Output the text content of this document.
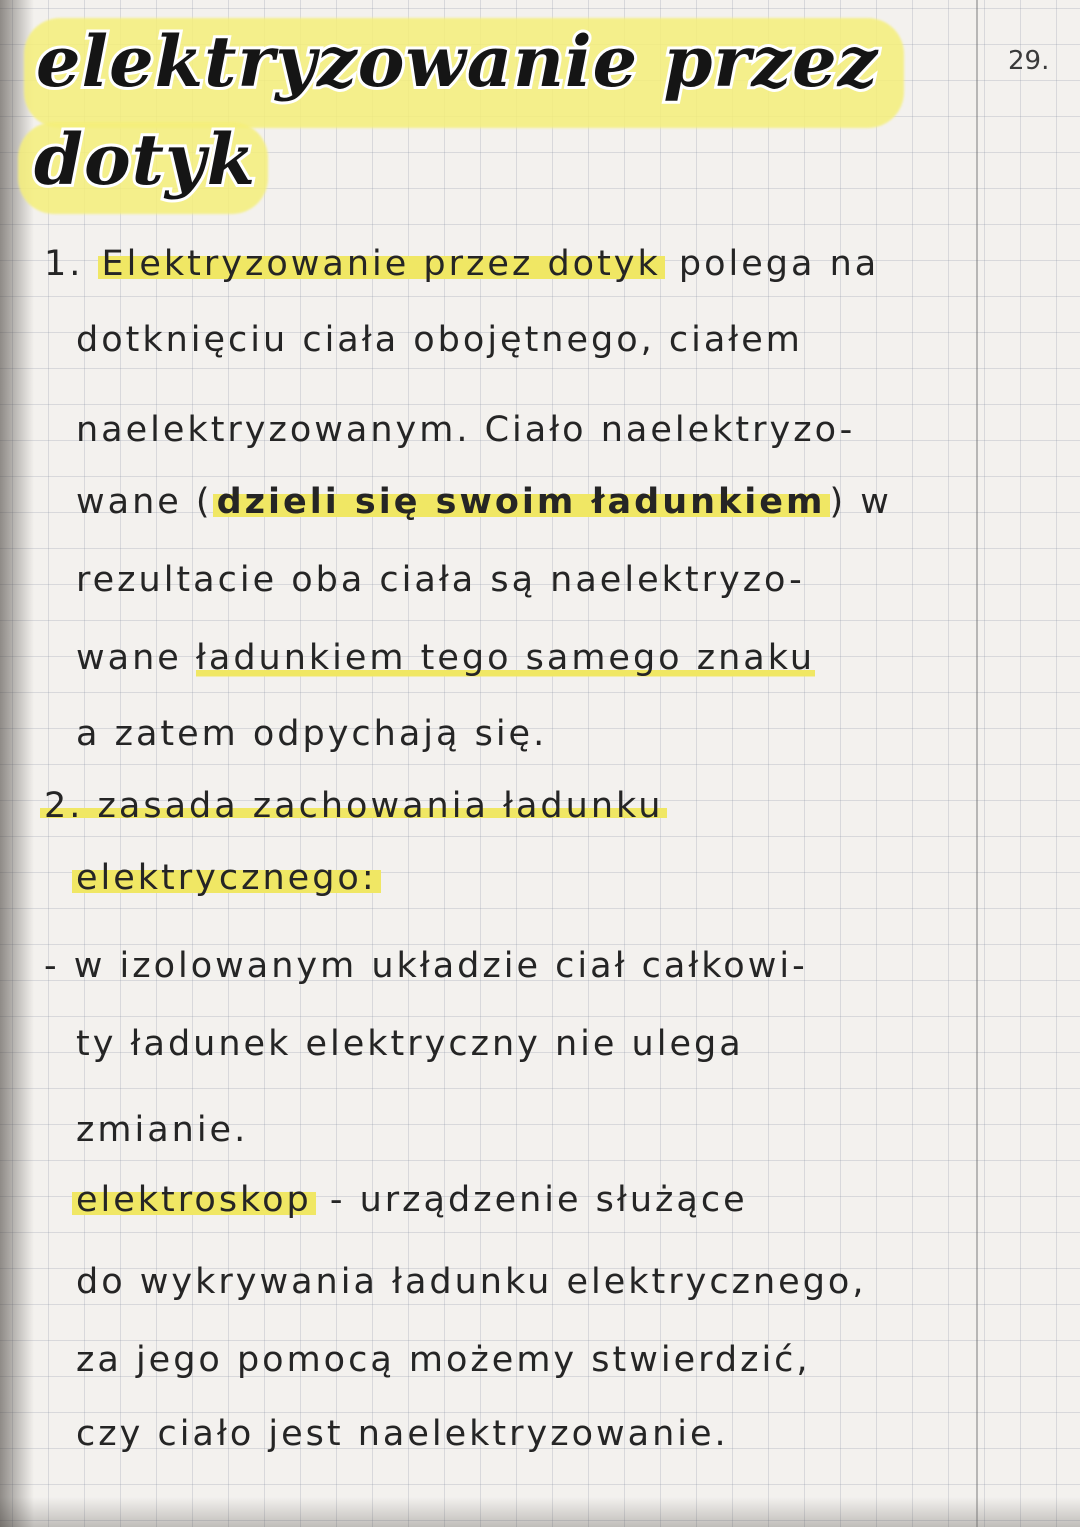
29.
elektryzowanie przez
dotyk
1. Elektryzowanie przez dotyk polega na
dotknięciu ciała obojętnego, ciałem
naelektryzowanym. Ciało naelektryzo-
wane ( dzieli się swoim ładunkiem ) w
rezultacie oba ciała są naelektryzo-
wane ładunkiem tego samego znaku
a zatem odpychają się.
2. zasada zachowania ładunku
elektrycznego:
- w izolowanym układzie ciał całkowi-
ty ładunek elektryczny nie ulega
zmianie.
elektroskop - urządzenie służące
do wykrywania ładunku elektrycznego,
za jego pomocą możemy stwierdzić,
czy ciało jest naelektryzowanie.
